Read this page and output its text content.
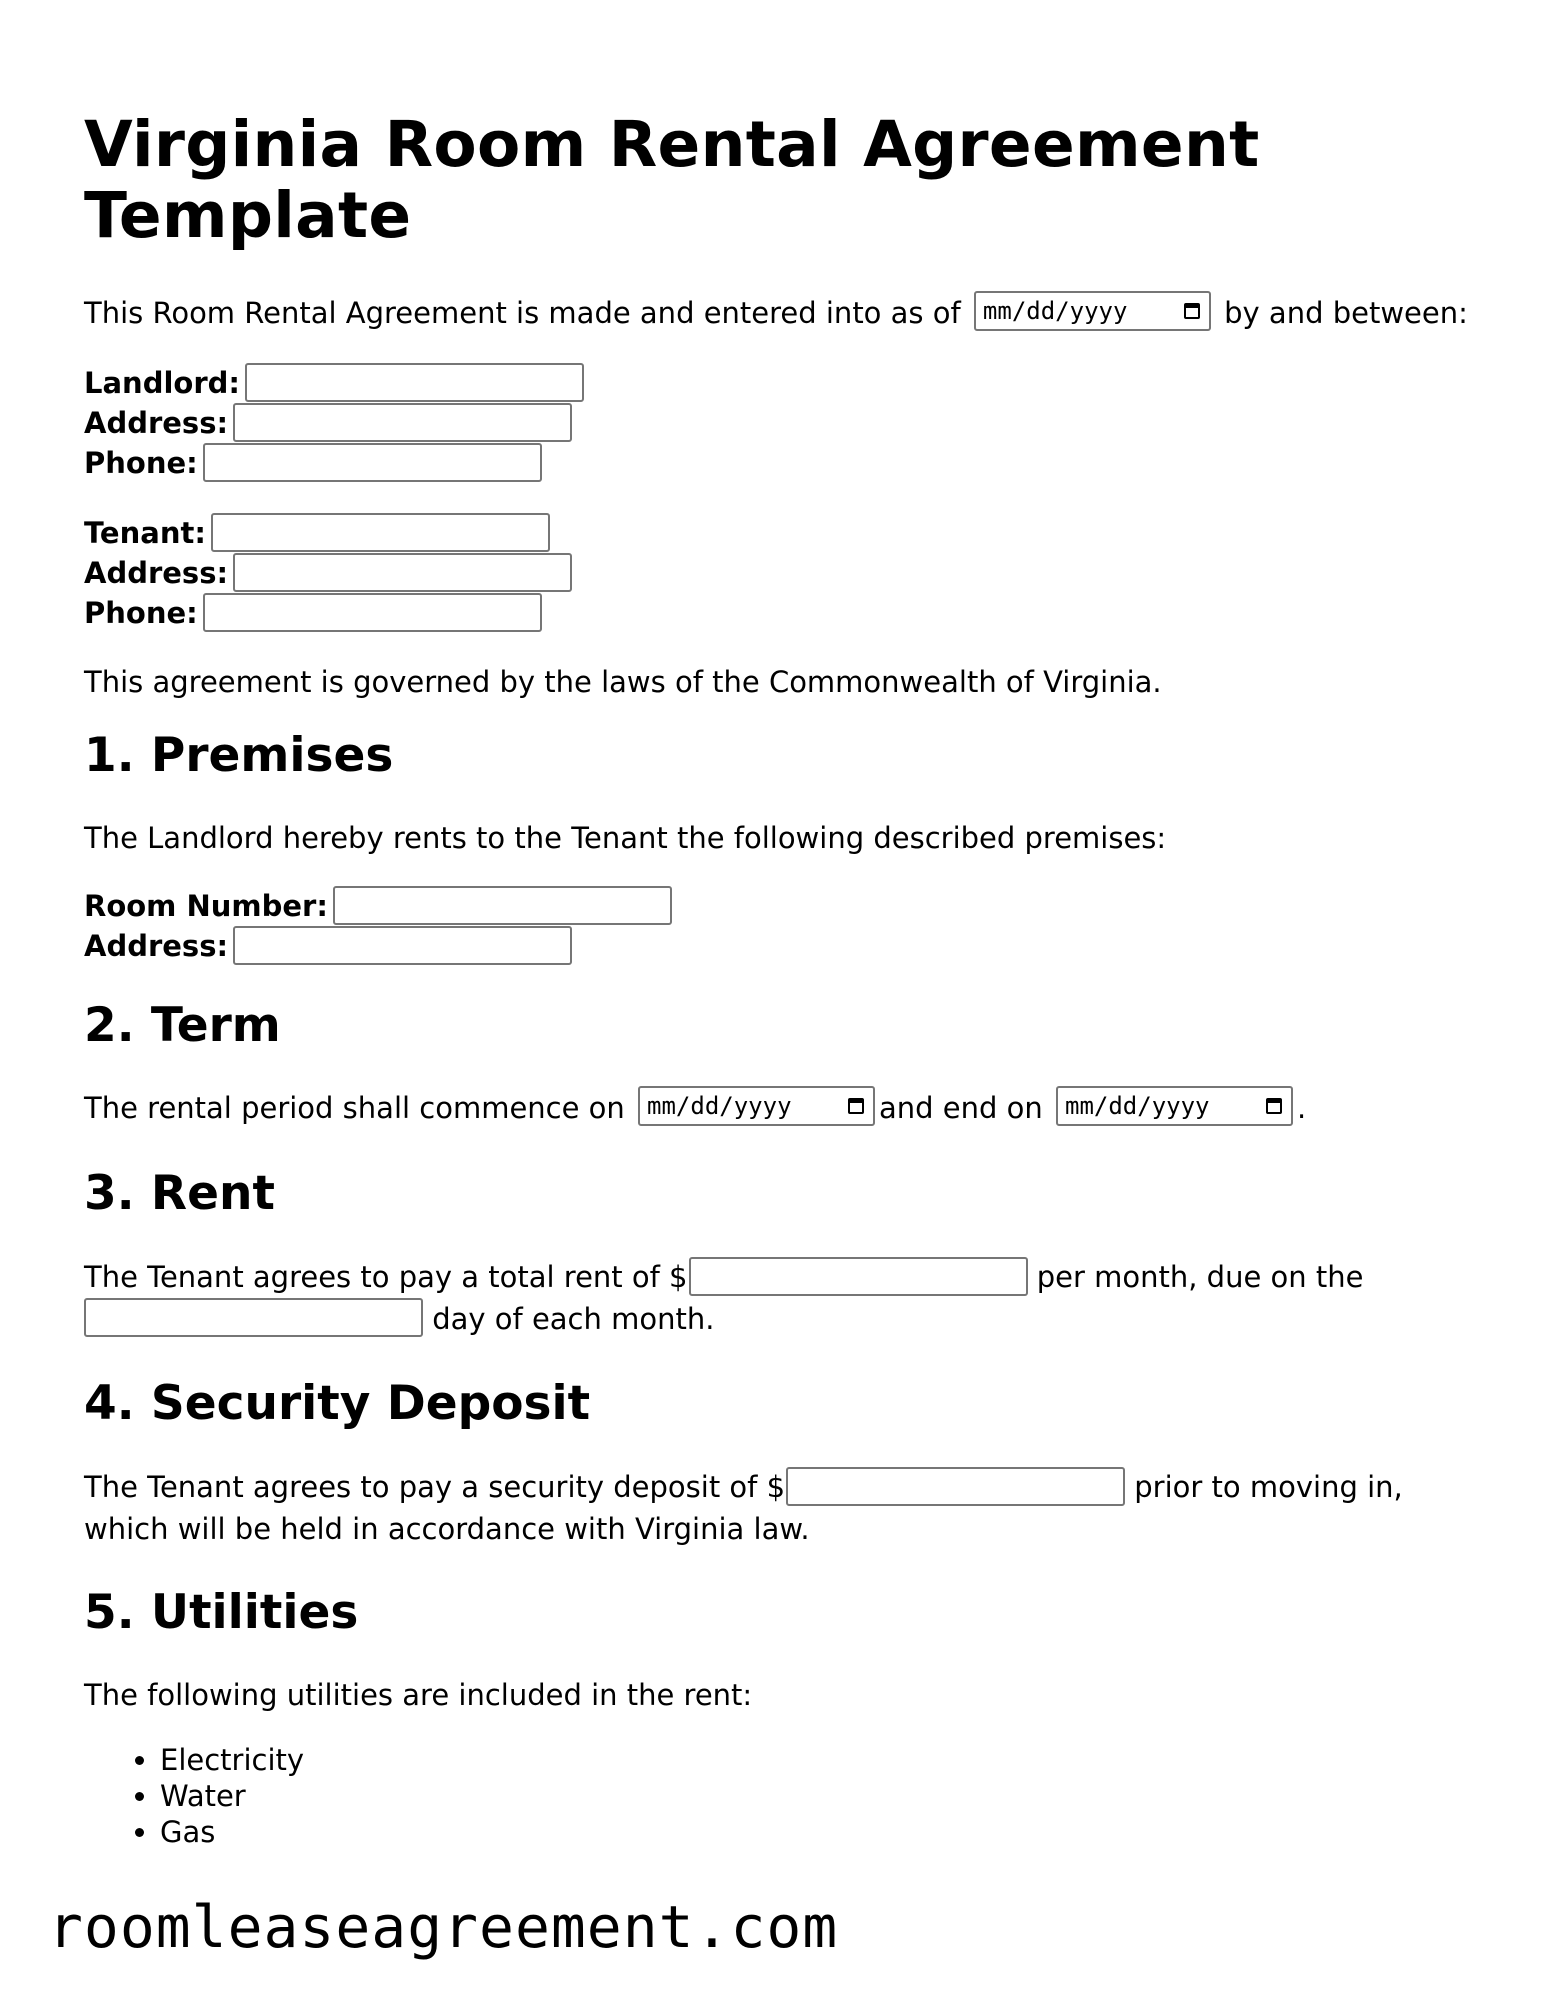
Virginia Room Rental Agreement Template

This Room Rental Agreement is made and entered into as of mm/dd/yyyy	by and between:

Landlord:
Address:
Phone:
Tenant:
Address:
Phone:

This agreement is governed by the laws of the Commonwealth of Virginia.

1. Premises

The Landlord hereby rents to the Tenant the following described premises:

Room Number:
Address:
2. Term

The rental period shall commence on mm/dd/yyyy	and end on mm/dd/yyyy	.

3. Rent

The Tenant agrees to pay a total rent of $	per month, due on the
day of each month.

4. Security Deposit

The Tenant agrees to pay a security deposit of $	prior to moving in, which will be held in accordance with Virginia law.

5. Utilities

The following utilities are included in the rent:

• Electricity
• Water
• Gas
roomleaseagreement.com
